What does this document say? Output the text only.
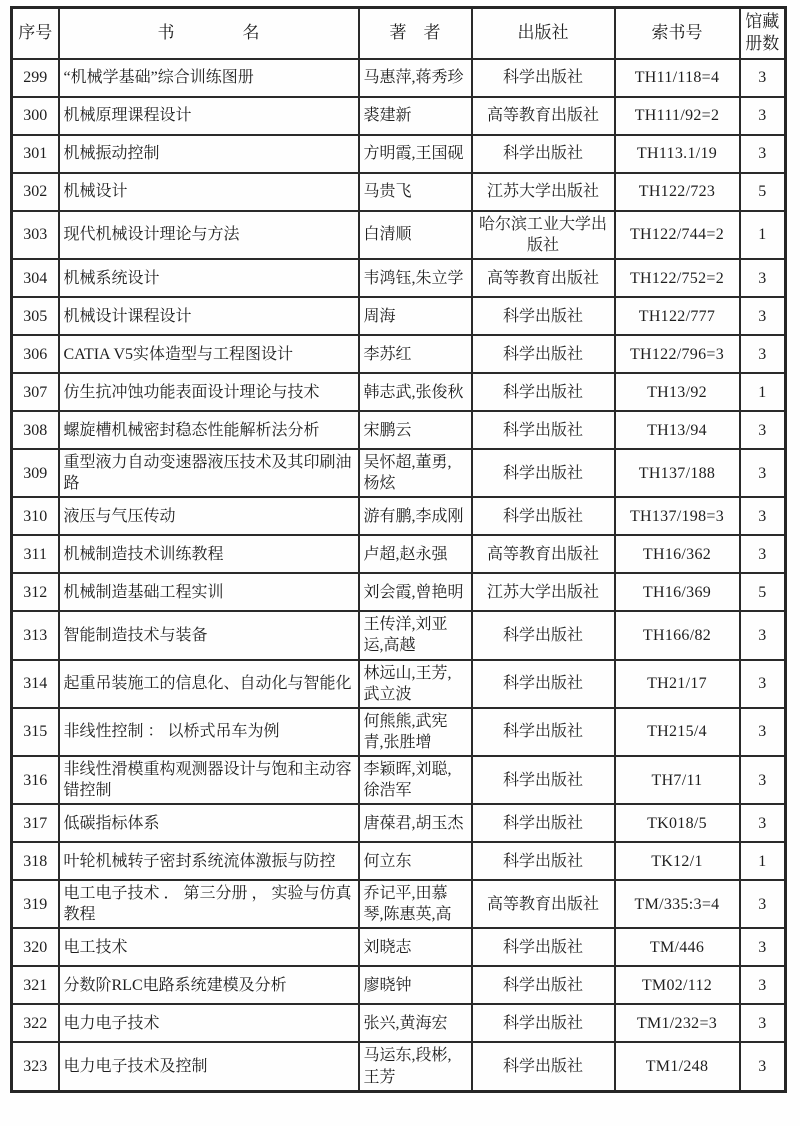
序号	书　　　　名	著　者	出版社	索书号	馆藏册数
299	“机械学基础”综合训练图册	马惠萍,蒋秀珍	科学出版社	TH11/118=4	3
300	机械原理课程设计	裘建新	高等教育出版社	TH111/92=2	3
301	机械振动控制	方明霞,王国砚	科学出版社	TH113.1/19	3
302	机械设计	马贵飞	江苏大学出版社	TH122/723	5
303	现代机械设计理论与方法	白清顺	哈尔滨工业大学出版社	TH122/744=2	1
304	机械系统设计	韦鸿钰,朱立学	高等教育出版社	TH122/752=2	3
305	机械设计课程设计	周海	科学出版社	TH122/777	3
306	CATIA V5实体造型与工程图设计	李苏红	科学出版社	TH122/796=3	3
307	仿生抗冲蚀功能表面设计理论与技术	韩志武,张俊秋	科学出版社	TH13/92	1
308	螺旋槽机械密封稳态性能解析法分析	宋鹏云	科学出版社	TH13/94	3
309	重型液力自动变速器液压技术及其印刷油路	吴怀超,董勇,杨炫	科学出版社	TH137/188	3
310	液压与气压传动	游有鹏,李成刚	科学出版社	TH137/198=3	3
311	机械制造技术训练教程	卢超,赵永强	高等教育出版社	TH16/362	3
312	机械制造基础工程实训	刘会霞,曾艳明	江苏大学出版社	TH16/369	5
313	智能制造技术与装备	王传洋,刘亚运,高越	科学出版社	TH166/82	3
314	起重吊装施工的信息化、自动化与智能化	林远山,王芳,武立波	科学出版社	TH21/17	3
315	非线性控制 ： 以桥式吊车为例	何熊熊,武宪青,张胜增	科学出版社	TH215/4	3
316	非线性滑模重构观测器设计与饱和主动容错控制	李颖晖,刘聪,徐浩军	科学出版社	TH7/11	3
317	低碳指标体系	唐葆君,胡玉杰	科学出版社	TK018/5	3
318	叶轮机械转子密封系统流体激振与防控	何立东	科学出版社	TK12/1	1
319	电工电子技术 ． 第三分册 ， 实验与仿真教程	乔记平,田慕琴,陈惠英,高	高等教育出版社	TM/335:3=4	3
320	电工技术	刘晓志	科学出版社	TM/446	3
321	分数阶RLC电路系统建模及分析	廖晓钟	科学出版社	TM02/112	3
322	电力电子技术	张兴,黄海宏	科学出版社	TM1/232=3	3
323	电力电子技术及控制	马运东,段彬,王芳	科学出版社	TM1/248	3
